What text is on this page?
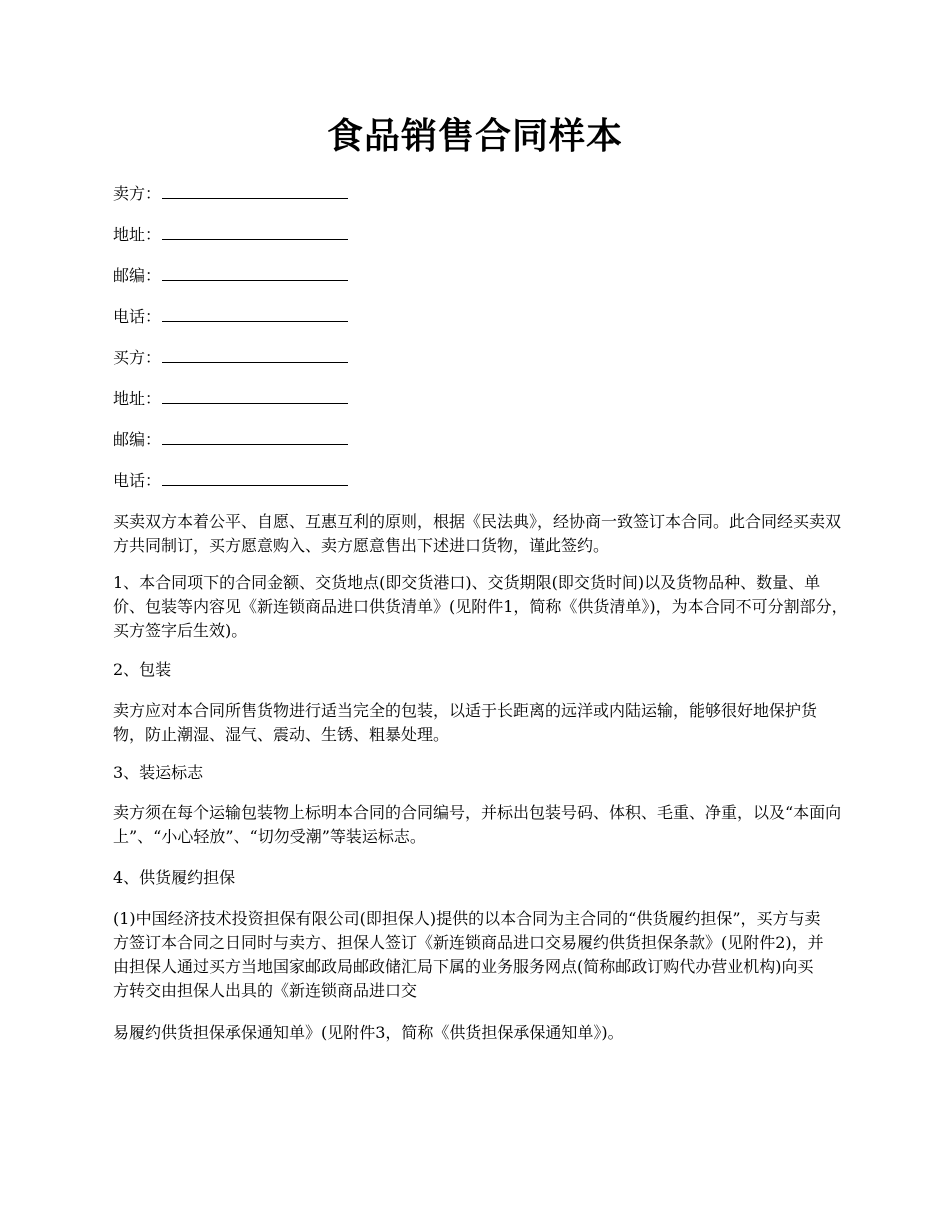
食品销售合同样本
卖方：
地址：
邮编：
电话：
买方：
地址：
邮编：
电话：
买卖双方本着公平、自愿、互惠互利的原则，根据《民法典》，经协商一致签订本合同。此合同经买卖双方共同制订，买方愿意购入、卖方愿意售出下述进口货物，谨此签约。
1、本合同项下的合同金额、交货地点(即交货港口)、交货期限(即交货时间)以及货物品种、数量、单价、包装等内容见《新连锁商品进口供货清单》(见附件1，简称《供货清单》)，为本合同不可分割部分，买方签字后生效)。
2、包装
卖方应对本合同所售货物进行适当完全的包装，以适于长距离的远洋或内陆运输，能够很好地保护货物，防止潮湿、湿气、震动、生锈、粗暴处理。
3、装运标志
卖方须在每个运输包装物上标明本合同的合同编号，并标出包装号码、体积、毛重、净重，以及“本面向上”、“小心轻放”、“切勿受潮”等装运标志。
4、供货履约担保
(1)中国经济技术投资担保有限公司(即担保人)提供的以本合同为主合同的“供货履约担保”，买方与卖方签订本合同之日同时与卖方、担保人签订《新连锁商品进口交易履约供货担保条款》(见附件2)，并由担保人通过买方当地国家邮政局邮政储汇局下属的业务服务网点(简称邮政订购代办营业机构)向买方转交由担保人出具的《新连锁商品进口交
易履约供货担保承保通知单》(见附件3，简称《供货担保承保通知单》)。
